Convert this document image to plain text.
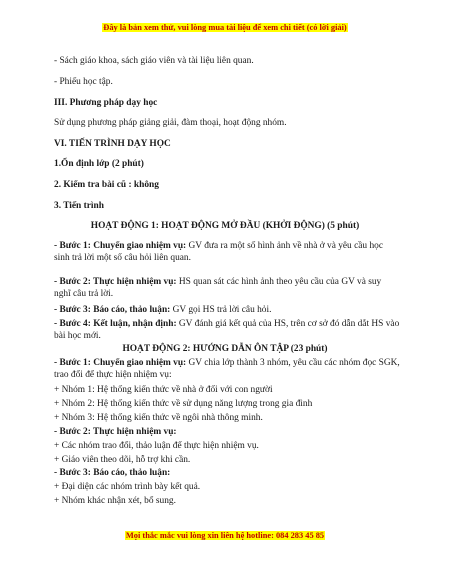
Đây là bản xem thử, vui lòng mua tài liệu để xem chi tiết (có lời giải)
- Sách giáo khoa, sách giáo viên và tài liệu liên quan.
- Phiếu học tập.
III. Phương pháp dạy học
Sử dụng phương pháp giảng giải, đàm thoại, hoạt động nhóm.
VI. TIẾN TRÌNH DẠY HỌC
1.Ổn định lớp (2 phút)
2. Kiểm tra bài cũ : không
3. Tiến trình
HOẠT ĐỘNG 1: HOẠT ĐỘNG MỞ ĐẦU (KHỞI ĐỘNG) (5 phút)
- Bước 1: Chuyển giao nhiệm vụ: GV đưa ra một số hình ảnh về nhà ở và yêu cầu học sinh trả lời một số câu hỏi liên quan.
- Bước 2: Thực hiện nhiệm vụ: HS quan sát các hình ảnh theo yêu cầu của GV và suy nghĩ câu trả lời.
- Bước 3: Báo cáo, thảo luận: GV gọi HS trả lời câu hỏi.
- Bước 4: Kết luận, nhận định: GV đánh giá kết quả của HS, trên cơ sở đó dẫn dắt HS vào bài học mới.
HOẠT ĐỘNG 2: HƯỚNG DẪN ÔN TẬP (23 phút)
- Bước 1: Chuyển giao nhiệm vụ: GV chia lớp thành 3 nhóm, yêu cầu các nhóm đọc SGK, trao đổi để thực hiện nhiệm vụ:
+ Nhóm 1: Hệ thống kiến thức về nhà ở đối với con người
+ Nhóm 2: Hệ thống kiến thức về sử dụng năng lượng trong gia đình
+ Nhóm 3: Hệ thống kiến thức về ngôi nhà thông minh.
- Bước 2: Thực hiện nhiệm vụ:
+ Các nhóm trao đổi, thảo luận để thực hiện nhiệm vụ.
+ Giáo viên theo dõi, hỗ trợ khi cần.
- Bước 3: Báo cáo, thảo luận:
+ Đại diện các nhóm trình bày kết quả.
+ Nhóm khác nhận xét, bổ sung.
Mọi thắc mắc vui lòng xin liên hệ hotline: 084 283 45 85
